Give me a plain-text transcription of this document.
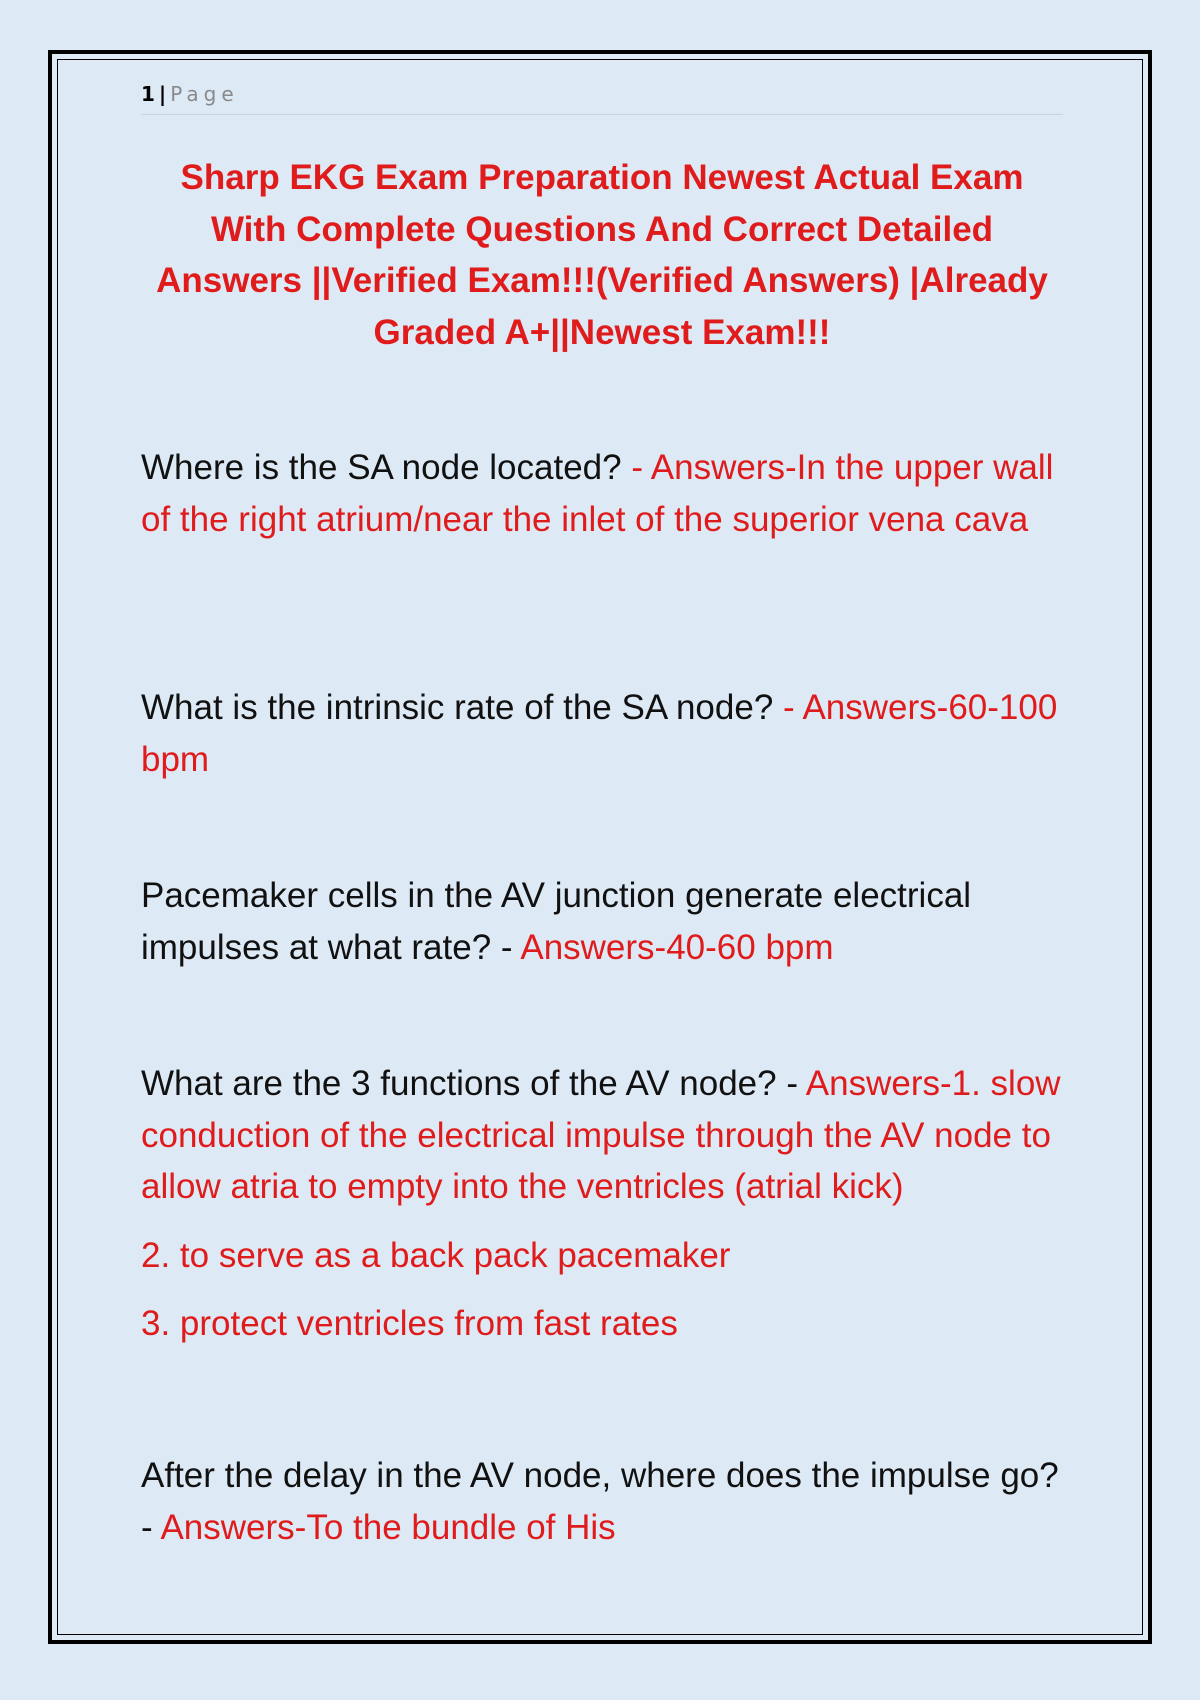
1 | Page
Sharp EKG Exam Preparation Newest Actual Exam With Complete Questions And Correct Detailed Answers ||Verified Exam!!!(Verified Answers) |Already Graded A+||Newest Exam!!!
Where is the SA node located? - Answers-In the upper wall of the right atrium/near the inlet of the superior vena cava
What is the intrinsic rate of the SA node? - Answers-60-100 bpm
Pacemaker cells in the AV junction generate electrical impulses at what rate? - Answers-40-60 bpm
What are the 3 functions of the AV node? - Answers-1. slow conduction of the electrical impulse through the AV node to allow atria to empty into the ventricles (atrial kick)
2. to serve as a back pack pacemaker
3. protect ventricles from fast rates
After the delay in the AV node, where does the impulse go? - Answers-To the bundle of His
